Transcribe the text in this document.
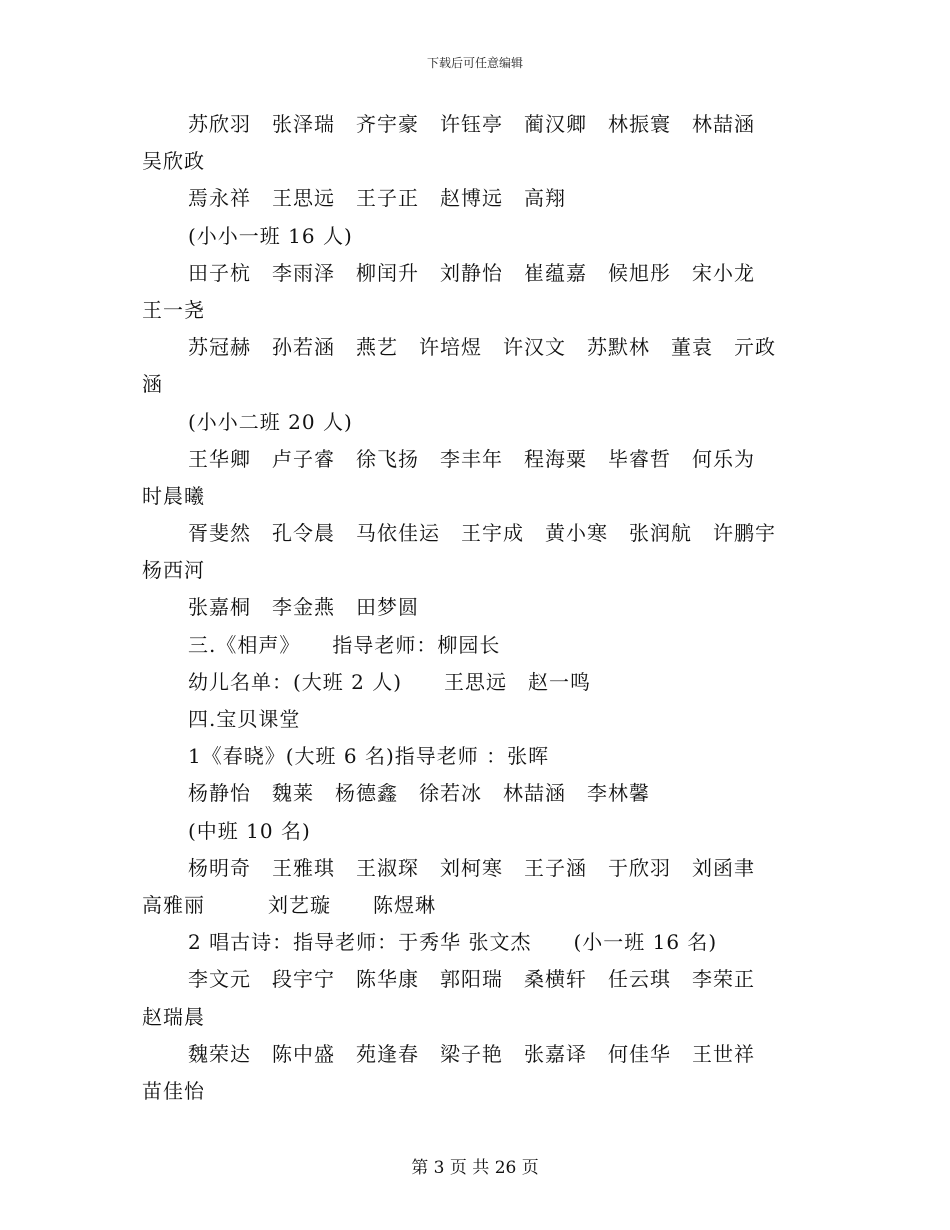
下载后可任意编辑
苏欣羽　张泽瑞　齐宇豪　许钰亭　蔺汉卿　林振寰　林喆涵
吴欣政
焉永祥　王思远　王子正　赵博远　高翔
(小小一班 16 人)
田子杭　李雨泽　柳闰升　刘静怡　崔蕴嘉　候旭彤　宋小龙
王一尧
苏冠赫　孙若涵　燕艺　许培煜　许汉文　苏默林　董袁　亓政
涵
(小小二班 20 人)
王华卿　卢子睿　徐飞扬　李丰年　程海粟　毕睿哲　何乐为
时晨曦
胥斐然　孔令晨　马依佳运　王宇成　黄小寒　张润航　许鹏宇
杨西河
张嘉桐　李金燕　田梦圆
三.《相声》　　指导老师：柳园长
幼儿名单：(大班 2 人)　　王思远　赵一鸣
四.宝贝课堂
1《春晓》(大班 6 名)指导老师 ：张晖
杨静怡　魏莱　杨德鑫　徐若冰　林喆涵　李林馨
(中班 10 名)
杨明奇　王雅琪　王淑琛　刘柯寒　王子涵　于欣羽　刘函聿
高雅丽　　　刘艺璇　　陈煜琳
2 唱古诗：指导老师：于秀华 张文杰　　(小一班 16 名)
李文元　段宇宁　陈华康　郭阳瑞　桑横轩　任云琪　李荣正
赵瑞晨
魏荣达　陈中盛　苑逢春　梁子艳　张嘉译　何佳华　王世祥
苗佳怡
第 3 页 共 26 页
